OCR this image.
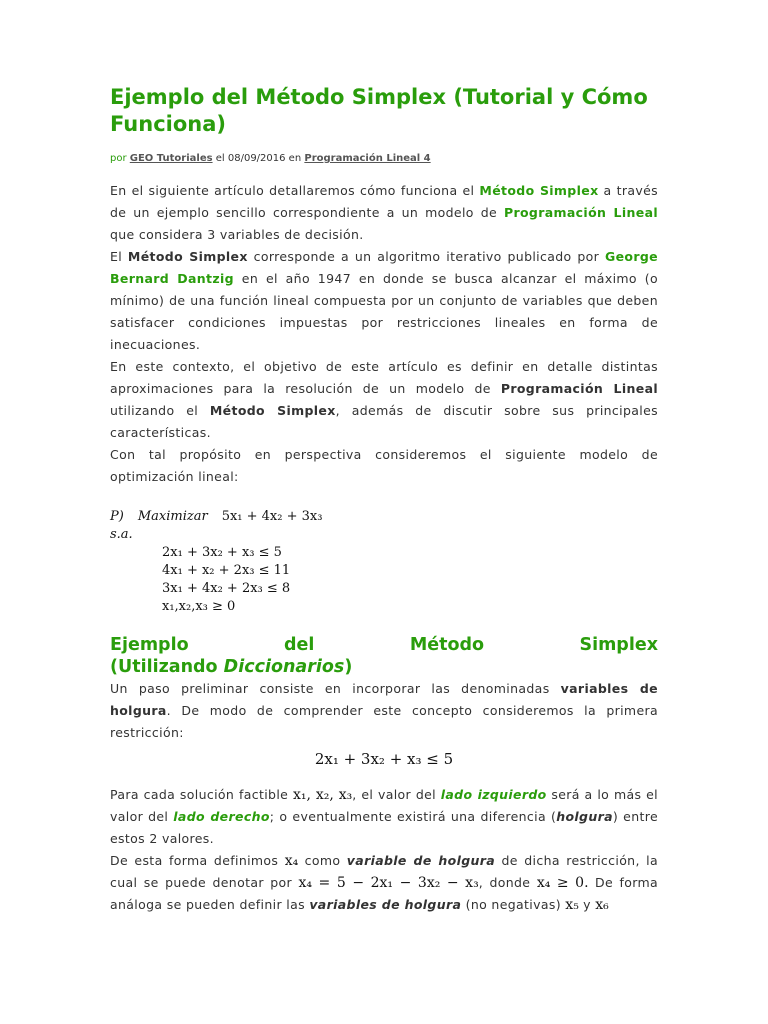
Ejemplo del Método Simplex (Tutorial y Cómo Funciona)
por GEO Tutoriales el 08/09/2016 en Programación Lineal 4

En el siguiente artículo detallaremos cómo funciona el Método Simplex a través de un ejemplo sencillo correspondiente a un modelo de Programación Lineal que considera 3 variables de decisión.

El Método Simplex corresponde a un algoritmo iterativo publicado por George Bernard Dantzig en el año 1947 en donde se busca alcanzar el máximo (o mínimo) de una función lineal compuesta por un conjunto de variables que deben satisfacer condiciones impuestas por restricciones lineales en forma de inecuaciones.

En este contexto, el objetivo de este artículo es definir en detalle distintas aproximaciones para la resolución de un modelo de Programación Lineal utilizando el Método Simplex, además de discutir sobre sus principales características.

Con tal propósito en perspectiva consideremos el siguiente modelo de optimización lineal:

P) Maximizar 5x₁ + 4x₂ + 3x₃
s.a.
2x₁ + 3x₂ + x₃ ≤ 5
4x₁ + x₂ + 2x₃ ≤ 11
3x₁ + 4x₂ + 2x₃ ≤ 8
x₁,x₂,x₃ ≥ 0
Ejemplo	del	Método	Simplex
(Utilizando Diccionarios)

Un paso preliminar consiste en incorporar las denominadas variables de holgura. De modo de comprender este concepto consideremos la primera restricción:

2x₁ + 3x₂ + x₃ ≤ 5

Para cada solución factible x₁, x₂, x₃, el valor del lado izquierdo será a lo más el valor del lado derecho; o eventualmente existirá una diferencia (holgura) entre estos 2 valores.

De esta forma definimos x₄ como variable de holgura de dicha restricción, la cual se puede denotar por x₄ = 5 − 2x₁ − 3x₂ − x₃, donde x₄ ≥ 0. De forma análoga se pueden definir las variables de holgura (no negativas) x₅ y x₆
